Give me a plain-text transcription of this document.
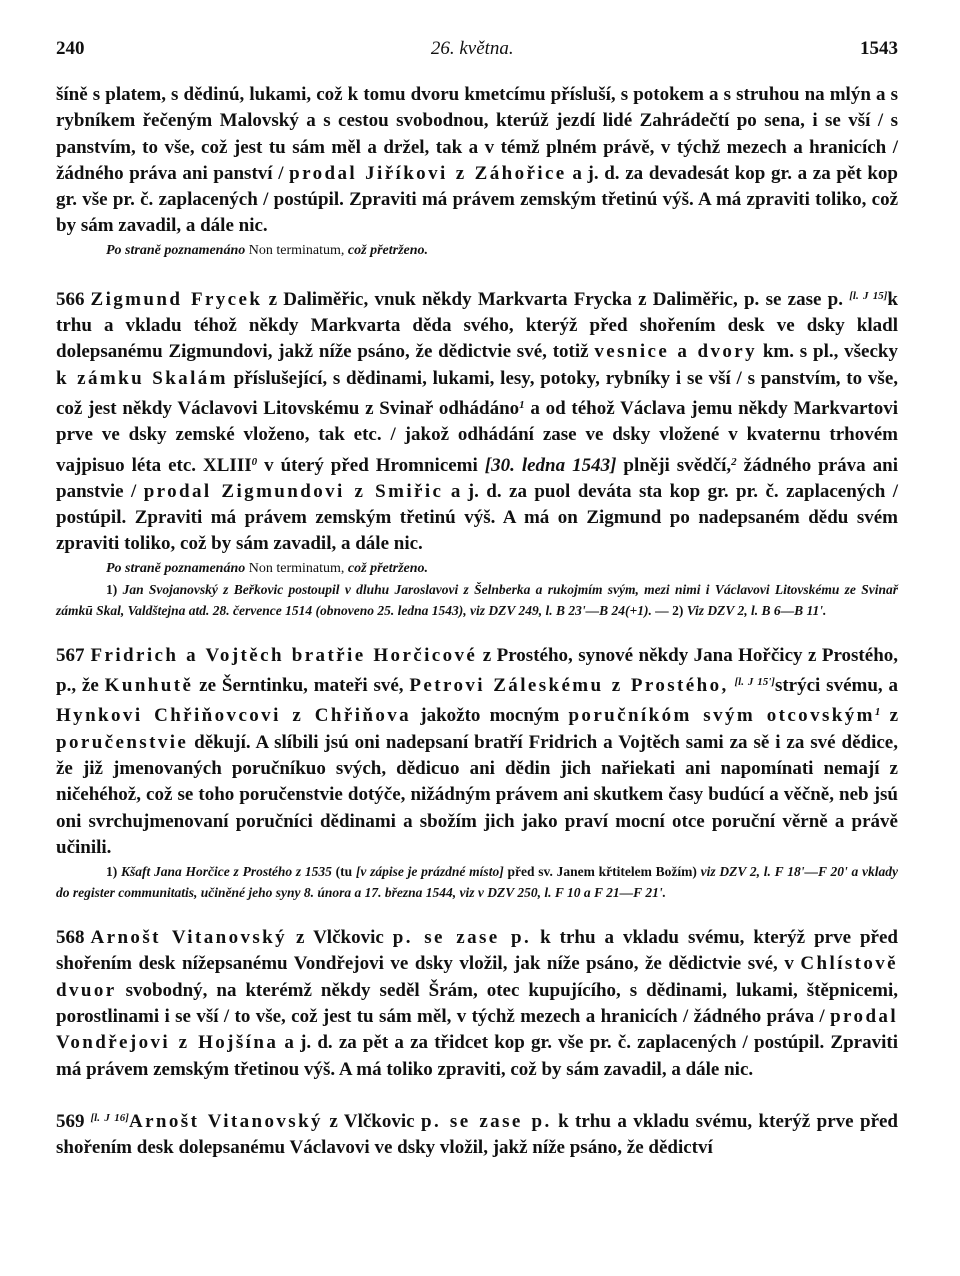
240	26. května.	1543

šíně s platem, s dědinú, lukami, což k tomu dvoru kmetcímu přísluší, s potokem a s struhou na mlýn a s rybníkem řečeným Malovský a s cestou svobodnou, kterúž jezdí lidé Zahrádečtí po sena, i se vší / s panstvím, to vše, což jest tu sám měl a držel, tak a v témž plném právě, v týchž mezech a hranicích / žádného práva ani panství / prodal Jiříkovi z Záhořice a j. d. za devadesát kop gr. a za pět kop gr. vše pr. č. zaplacených / postúpil. Zpraviti má právem zemským třetinú výš. A má zpraviti toliko, což by sám zavadil, a dále nic.

Po straně poznamenáno Non terminatum, což přetrženo.

566 Zigmund Frycek z Daliměřic, vnuk někdy Markvarta Frycka z Daliměřic, p. se zase p. [l. J 15]k trhu a vkladu téhož někdy Markvarta děda svého, kterýž před shořením desk ve dsky kladl dolepsanému Zigmundovi, jakž níže psáno, že dědictvie své, totiž vesnice a dvory km. s pl., všecky k zámku Skalám příslušející, s dědinami, lukami, lesy, potoky, rybníky i se vší / s panstvím, to vše, což jest někdy Václavovi Litovskému z Svinař odhádáno$^1$ a od téhož Václava jemu někdy Markvartovi prve ve dsky zemské vloženo, tak etc. / jakož odhádání zase ve dsky vložené v kvaternu trhovém vajpisuo léta etc. XLIII$^0$ v úterý před Hromnicemi [30. ledna 1543] plněji svědčí,$^2$ žádného práva ani panstvie / prodal Zigmundovi z Smiřic a j. d. za puol deváta sta kop gr. pr. č. zaplacených / postúpil. Zpraviti má právem zemským třetinú výš. A má on Zigmund po nadepsaném dědu svém zpraviti toliko, což by sám zavadil, a dále nic.

Po straně poznamenáno Non terminatum, což přetrženo.

1) Jan Svojanovský z Beřkovic postoupil v dluhu Jaroslavovi z Šelnberka a rukojmím svým, mezi nimi i Václavovi Litovskému ze Svinař zámkū Skal, Valdštejna atd. 28. července 1514 (obnoveno 25. ledna 1543), viz DZV 249, l. B 23'—B 24(+1). — 2) Viz DZV 2, l. B 6—B 11'.

567 Fridrich a Vojtěch bratřie Horčicové z Prostého, synové někdy Jana Hořčicy z Prostého, p., že Kunhutě ze Šerntinku, mateři své, Petrovi Záleskému z Prostého, [l. J 15']strýci svému, a Hynkovi Chřiňovcovi z Chřiňova jakožto mocným poručníkóm svým otcovským$^1$ z poručenstvie děkují. A slíbili jsú oni nadepsaní bratří Fridrich a Vojtěch sami za sě i za své dědice, že již jmenovaných poručníkuo svých, dědicuo ani dědin jich nařiekati ani napomínati nemají z ničehéhož, což se toho poručenstvie dotýče, nižádným právem ani skutkem časy budúcí a věčně, neb jsú oni svrchujmenovaní poručníci dědinami a sbožím jich jako praví mocní otce poruční věrně a právě učinili.

1) Kšaft Jana Horčice z Prostého z 1535 (tu [v zápise je prázdné místo] před sv. Janem křtitelem Božím) viz DZV 2, l. F 18'—F 20' a vklady do register communitatis, učiněné jeho syny 8. února a 17. března 1544, viz v DZV 250, l. F 10 a F 21—F 21'.

568 Arnošt Vitanovský z Vlčkovic p. se zase p. k trhu a vkladu svému, kterýž prve před shořením desk nížepsanému Vondřejovi ve dsky vložil, jak níže psáno, že dědictvie své, v Chlístově dvuor svobodný, na kterémž někdy seděl Šrám, otec kupujícího, s dědinami, lukami, štěpnicemi, porostlinami i se vší / to vše, což jest tu sám měl, v týchž mezech a hranicích / žádného práva / prodal Vondřejovi z Hojšína a j. d. za pět a za třidcet kop gr. vše pr. č. zaplacených / postúpil. Zpraviti má právem zemským třetinou výš. A má toliko zpraviti, což by sám zavadil, a dále nic.

569 [l. J 16]Arnošt Vitanovský z Vlčkovic p. se zase p. k trhu a vkladu svému, kterýž prve před shořením desk dolepsanému Václavovi ve dsky vložil, jakž níže psáno, že dědictví
